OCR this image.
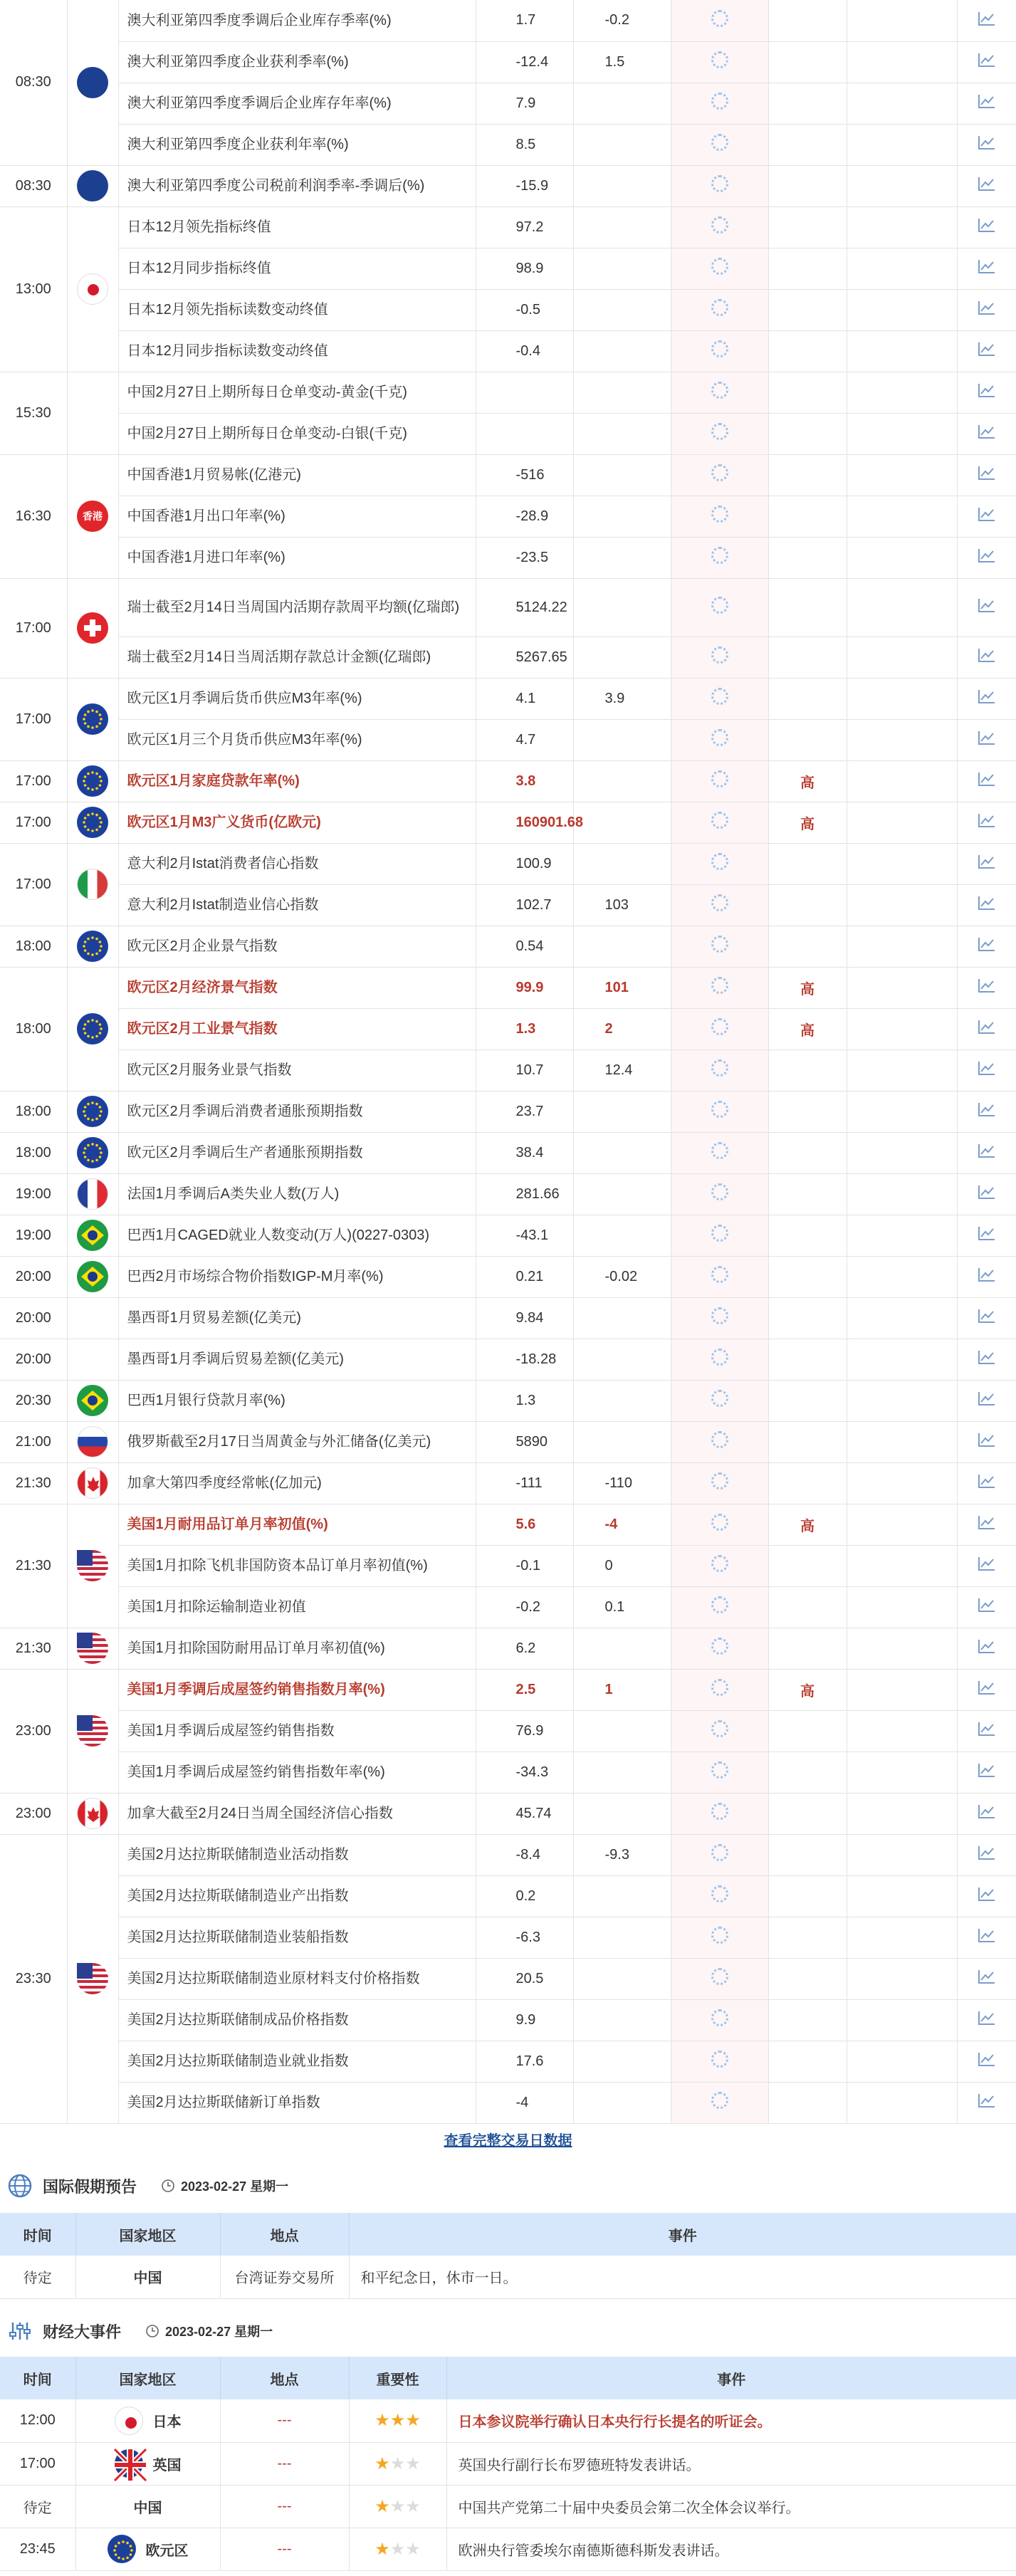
08:30		澳大利亚第四季度季调后企业库存季率(%)	1.7	-0.2				
		澳大利亚第四季度企业获利季率(%)	-12.4	1.5				
		澳大利亚第四季度季调后企业库存年率(%)	7.9					
		澳大利亚第四季度企业获利年率(%)	8.5					
08:30		澳大利亚第四季度公司税前利润季率-季调后(%)	-15.9					
13:00		日本12月领先指标终值	97.2					
		日本12月同步指标终值	98.9					
		日本12月领先指标读数变动终值	-0.5					
		日本12月同步指标读数变动终值	-0.4					
15:30		中国2月27日上期所每日仓单变动-黄金(千克)						
		中国2月27日上期所每日仓单变动-白银(千克)						
16:30	香港	中国香港1月贸易帐(亿港元)	-516					
		中国香港1月出口年率(%)	-28.9					
		中国香港1月进口年率(%)	-23.5					
17:00		瑞士截至2月14日当周国内活期存款周平均额(亿瑞郎)	5124.22					
		瑞士截至2月14日当周活期存款总计金额(亿瑞郎)	5267.65					
17:00		欧元区1月季调后货币供应M3年率(%)	4.1	3.9				
		欧元区1月三个月货币供应M3年率(%)	4.7					
17:00		欧元区1月家庭贷款年率(%)	3.8			高		
17:00		欧元区1月M3广义货币(亿欧元)	160901.68			高		
17:00		意大利2月Istat消费者信心指数	100.9					
		意大利2月Istat制造业信心指数	102.7	103				
18:00		欧元区2月企业景气指数	0.54					
18:00		欧元区2月经济景气指数	99.9	101		高		
		欧元区2月工业景气指数	1.3	2		高		
		欧元区2月服务业景气指数	10.7	12.4				
18:00		欧元区2月季调后消费者通胀预期指数	23.7					
18:00		欧元区2月季调后生产者通胀预期指数	38.4					
19:00		法国1月季调后A类失业人数(万人)	281.66					
19:00		巴西1月CAGED就业人数变动(万人)(0227-0303)	-43.1					
20:00		巴西2月市场综合物价指数IGP-M月率(%)	0.21	-0.02				
20:00		墨西哥1月贸易差额(亿美元)	9.84					
20:00		墨西哥1月季调后贸易差额(亿美元)	-18.28					
20:30		巴西1月银行贷款月率(%)	1.3					
21:00		俄罗斯截至2月17日当周黄金与外汇储备(亿美元)	5890					
21:30		加拿大第四季度经常帐(亿加元)	-111	-110				
21:30		美国1月耐用品订单月率初值(%)	5.6	-4		高		
		美国1月扣除飞机非国防资本品订单月率初值(%)	-0.1	0				
		美国1月扣除运输制造业初值	-0.2	0.1				
21:30		美国1月扣除国防耐用品订单月率初值(%)	6.2					
23:00		美国1月季调后成屋签约销售指数月率(%)	2.5	1		高		
		美国1月季调后成屋签约销售指数	76.9					
		美国1月季调后成屋签约销售指数年率(%)	-34.3					
23:00		加拿大截至2月24日当周全国经济信心指数	45.74					
23:30		美国2月达拉斯联储制造业活动指数	-8.4	-9.3				
		美国2月达拉斯联储制造业产出指数	0.2					
		美国2月达拉斯联储制造业装船指数	-6.3					
		美国2月达拉斯联储制造业原材料支付价格指数	20.5					
		美国2月达拉斯联储制成品价格指数	9.9					
		美国2月达拉斯联储制造业就业指数	17.6					
		美国2月达拉斯联储新订单指数	-4					
查看完整交易日数据
国际假期预告	2023-02-27 星期一
时间	国家地区	地点	事件
待定	中国	台湾证券交易所	和平纪念日，休市一日。
财经大事件	2023-02-27 星期一
时间	国家地区	地点	重要性	事件
12:00	日本	---	★★★	日本参议院举行确认日本央行行长提名的听证会。
17:00	英国	---	★★★	英国央行副行长布罗德班特发表讲话。
待定	中国	---	★★★	中国共产党第二十届中央委员会第二次全体会议举行。
23:45	欧元区	---	★★★	欧洲央行管委埃尔南德斯德科斯发表讲话。
